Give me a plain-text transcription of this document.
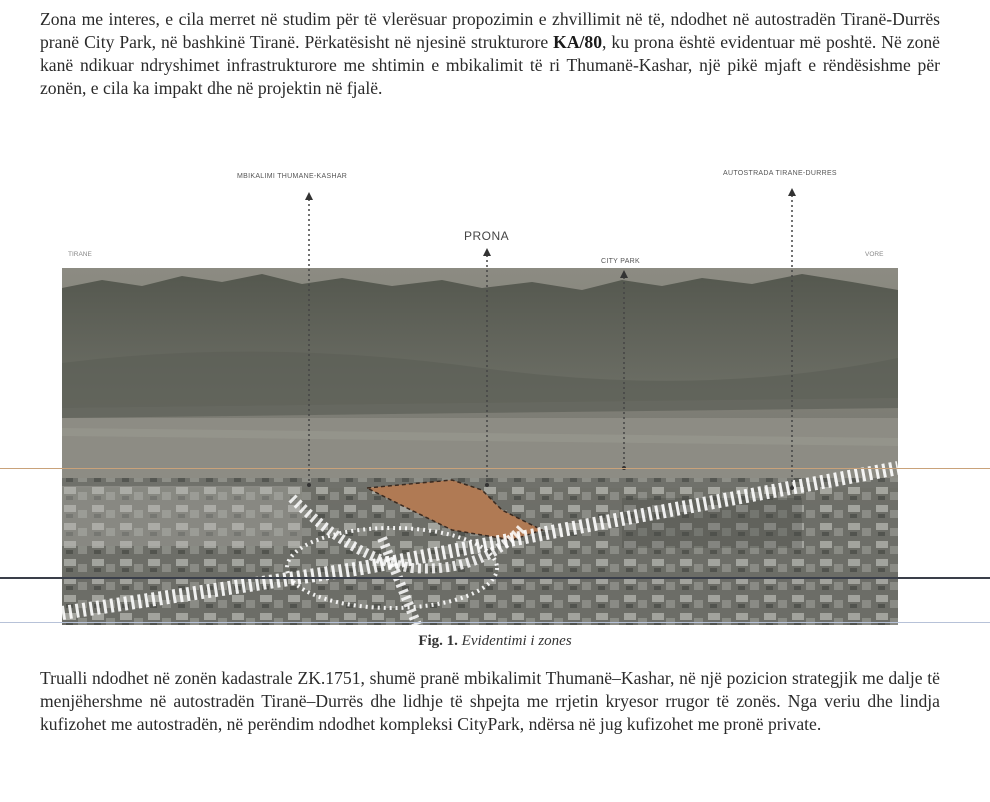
Zona me interes, e cila merret në studim për të vlerësuar propozimin e zhvillimit në të, ndodhet në autostradën Tiranë-Durrës pranë City Park, në bashkinë Tiranë. Përkatësisht në njesinë strukturore KA/80, ku prona është evidentuar më poshtë. Në zonë kanë ndikuar ndryshimet infrastrukturore me shtimin e mbikalimit të ri Thumanë-Kashar, një pikë mjaft e rëndësishme për zonën, e cila ka impakt dhe në projektin në fjalë.

MBIKALIMI THUMANE-KASHAR	AUTOSTRADA TIRANE-DURRES
PRONA
CITY PARK
TIRANE	VORE
Fig. 1. Evidentimi i zones

Trualli ndodhet në zonën kadastrale ZK.1751, shumë pranë mbikalimit Thumanë–Kashar, në një pozicion strategjik me dalje të menjëhershme në autostradën Tiranë–Durrës dhe lidhje të shpejta me rrjetin kryesor rrugor të zonës. Nga veriu dhe lindja kufizohet me autostradën, në perëndim ndodhet kompleksi CityPark, ndërsa në jug kufizohet me pronë private.
